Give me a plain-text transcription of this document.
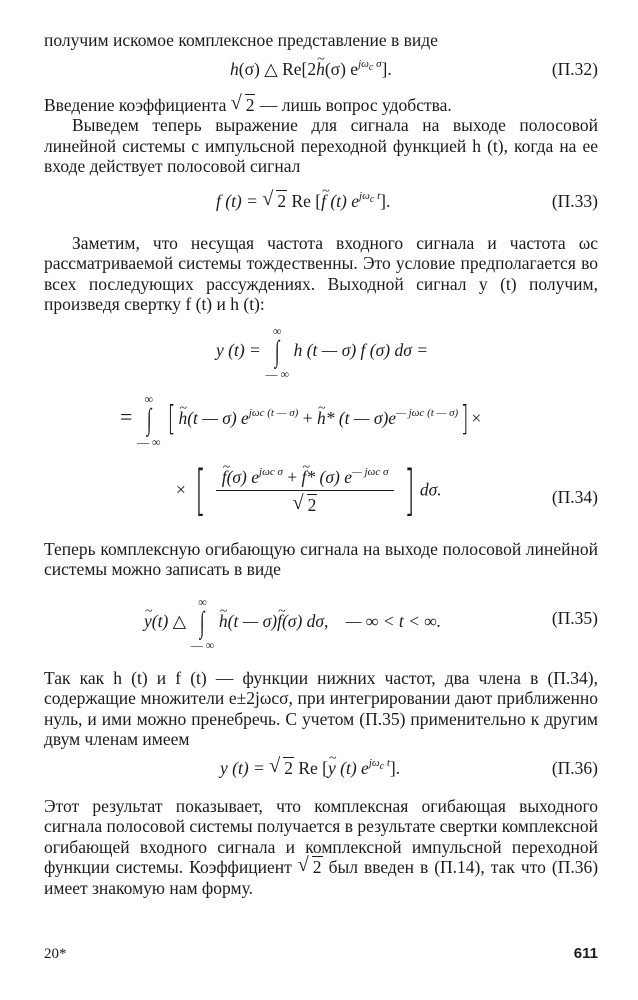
получим искомое комплексное представление в виде

h(σ) △ Re[2~ h(σ) $e^{j\omega_c \sigma}$].	(П.32)

Введение коэффициента √ 2 — лишь вопрос удобства.

Выведем теперь выражение для сигнала на выходе полосовой линейной системы с импульсной переходной функцией h (t), когда на ее входе действует полосовой сигнал

f (t) = √ 2 Re [~ f (t) $e^{j\omega_c t}$].	(П.33)

Заметим, что несущая частота входного сигнала и частота ωc рассматриваемой системы тождественны. Это условие предполагается во всех последующих рассуждениях. Выходной сигнал y (t) получим, произведя свертку f (t) и h (t):

y (t) =
∞
∫
— ∞
h (t — σ) f (σ) dσ =
=
∞
∫
— ∞
[ ~ h(t — σ) $e^{j\omega c (t — \sigma)}$ + ~ h* (t — $\sigma)e^{— j\omega c (t — \sigma)}$] ×
× [ ~ f(σ) $e^{j\omega c \sigma}$ + ~ f* (σ) $e^{— j\omega c \sigma}$
√ 2 ] dσ.	(П.34)

Теперь комплексную огибающую сигнала на выходе полосовой линейной системы можно записать в виде

~ y(t) △
∞
∫
— ∞
~ h(t — σ)~ f(σ) dσ, — ∞ < t < ∞.	(П.35)

Так как h (t) и f (t) — функции нижних частот, два члена в (П.34), содержащие множители e±2jωcσ, при интегрировании дают приближенно нуль, и ими можно пренебречь. С учетом (П.35) применительно к другим двум членам имеем

y (t) = √ 2 Re [~ y (t) $e^{j\omega_c t}$].	(П.36)

Этот результат показывает, что комплексная огибающая выходного сигнала полосовой системы получается в результате свертки комплексной огибающей входного сигнала и комплексной импульсной переходной функции системы. Коэффициент √ 2 был введен в (П.14), так что (П.36) имеет знакомую нам форму.

20*	611
